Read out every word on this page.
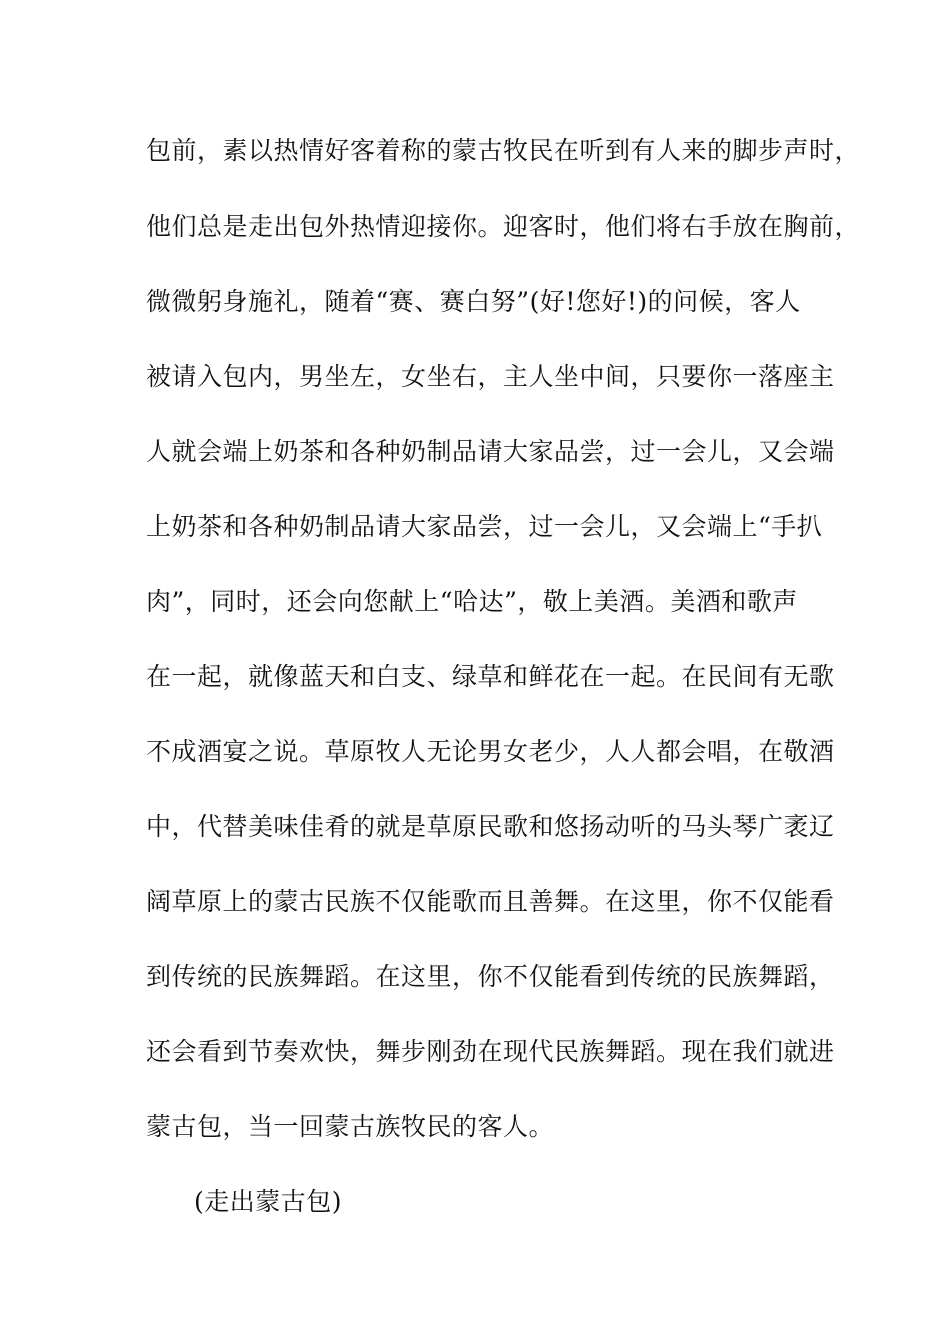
包前，素以热情好客着称的蒙古牧民在听到有人来的脚步声时，
他们总是走出包外热情迎接你。迎客时，他们将右手放在胸前，
微微躬身施礼，随着“赛、赛白努”(好!您好!)的问候，客人
被请入包内，男坐左，女坐右，主人坐中间，只要你一落座主
人就会端上奶茶和各种奶制品请大家品尝，过一会儿，又会端
上奶茶和各种奶制品请大家品尝，过一会儿，又会端上“手扒
肉”，同时，还会向您献上“哈达”，敬上美酒。美酒和歌声
在一起，就像蓝天和白支、绿草和鲜花在一起。在民间有无歌
不成酒宴之说。草原牧人无论男女老少，人人都会唱，在敬酒
中，代替美味佳肴的就是草原民歌和悠扬动听的马头琴广袤辽
阔草原上的蒙古民族不仅能歌而且善舞。在这里，你不仅能看
到传统的民族舞蹈。在这里，你不仅能看到传统的民族舞蹈，
还会看到节奏欢快，舞步刚劲在现代民族舞蹈。现在我们就进
蒙古包，当一回蒙古族牧民的客人。
(走出蒙古包)
